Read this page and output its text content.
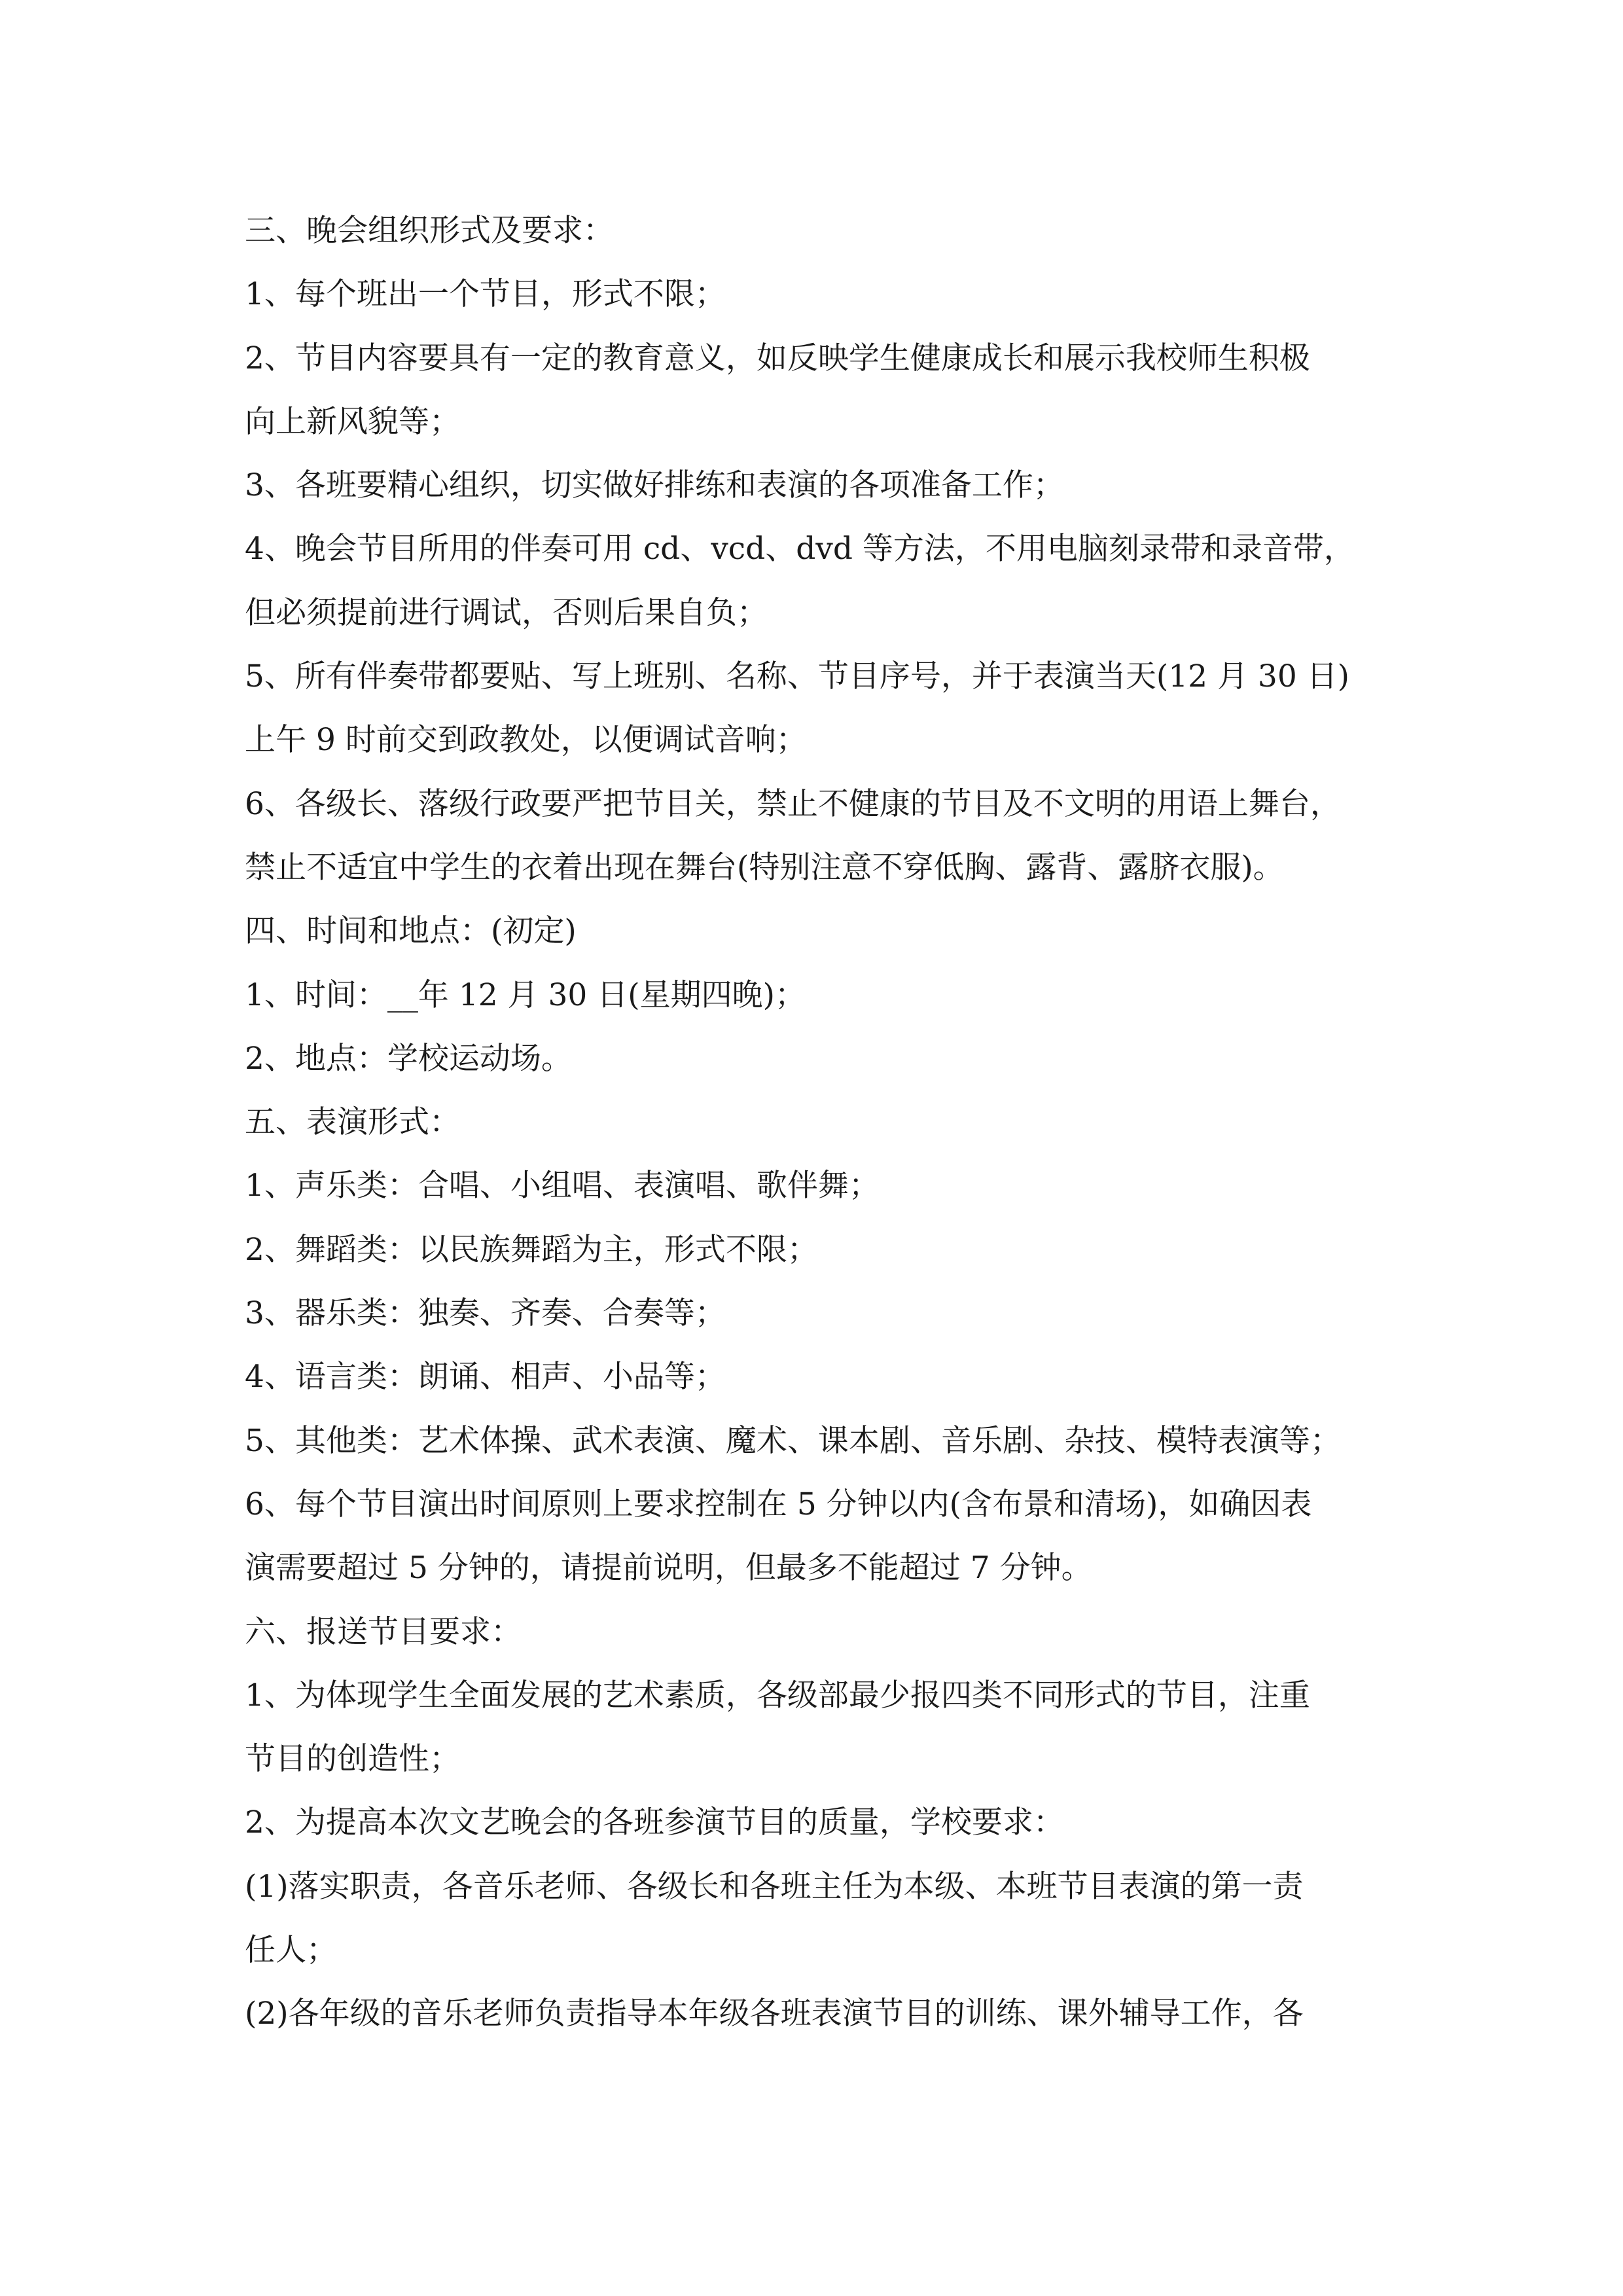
三、晚会组织形式及要求：
1、每个班出一个节目，形式不限；
2、节目内容要具有一定的教育意义，如反映学生健康成长和展示我校师生积极
向上新风貌等；
3、各班要精心组织，切实做好排练和表演的各项准备工作；
4、晚会节目所用的伴奏可用 cd、vcd、dvd 等方法，不用电脑刻录带和录音带，
但必须提前进行调试，否则后果自负；
5、所有伴奏带都要贴、写上班别、名称、节目序号，并于表演当天(12 月 30 日)
上午 9 时前交到政教处，以便调试音响；
6、各级长、落级行政要严把节目关，禁止不健康的节目及不文明的用语上舞台，
禁止不适宜中学生的衣着出现在舞台(特别注意不穿低胸、露背、露脐衣服)。
四、时间和地点：(初定)
1、时间：__年 12 月 30 日(星期四晚)；
2、地点：学校运动场。
五、表演形式：
1、声乐类：合唱、小组唱、表演唱、歌伴舞；
2、舞蹈类：以民族舞蹈为主，形式不限；
3、器乐类：独奏、齐奏、合奏等；
4、语言类：朗诵、相声、小品等；
5、其他类：艺术体操、武术表演、魔术、课本剧、音乐剧、杂技、模特表演等；
6、每个节目演出时间原则上要求控制在 5 分钟以内(含布景和清场)，如确因表
演需要超过 5 分钟的，请提前说明，但最多不能超过 7 分钟。
六、报送节目要求：
1、为体现学生全面发展的艺术素质，各级部最少报四类不同形式的节目，注重
节目的创造性；
2、为提高本次文艺晚会的各班参演节目的质量，学校要求：
(1)落实职责，各音乐老师、各级长和各班主任为本级、本班节目表演的第一责
任人；
(2)各年级的音乐老师负责指导本年级各班表演节目的训练、课外辅导工作，各
